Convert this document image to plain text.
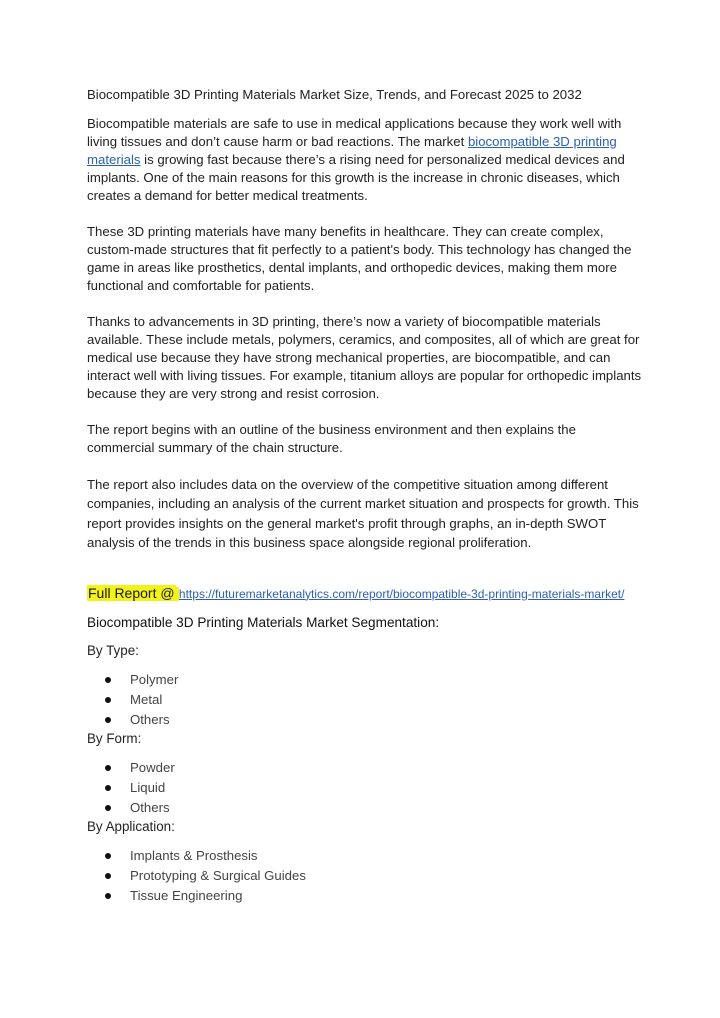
Biocompatible 3D Printing Materials Market Size, Trends, and Forecast 2025 to 2032

Biocompatible materials are safe to use in medical applications because they work well with living tissues and don’t cause harm or bad reactions. The market biocompatible 3D printing materials is growing fast because there’s a rising need for personalized medical devices and implants. One of the main reasons for this growth is the increase in chronic diseases, which creates a demand for better medical treatments.

These 3D printing materials have many benefits in healthcare. They can create complex, custom-made structures that fit perfectly to a patient's body. This technology has changed the game in areas like prosthetics, dental implants, and orthopedic devices, making them more functional and comfortable for patients.

Thanks to advancements in 3D printing, there’s now a variety of biocompatible materials available. These include metals, polymers, ceramics, and composites, all of which are great for medical use because they have strong mechanical properties, are biocompatible, and can interact well with living tissues. For example, titanium alloys are popular for orthopedic implants because they are very strong and resist corrosion.

The report begins with an outline of the business environment and then explains the commercial summary of the chain structure.

The report also includes data on the overview of the competitive situation among different companies, including an analysis of the current market situation and prospects for growth. This report provides insights on the general market's profit through graphs, an in-depth SWOT analysis of the trends in this business space alongside regional proliferation.

Full Report @ https://futuremarketanalytics.com/report/biocompatible-3d-printing-materials-market/

Biocompatible 3D Printing Materials Market Segmentation:

By Type:

Polymer
Metal
Others

By Form:

Powder
Liquid
Others

By Application:

Implants & Prosthesis
Prototyping & Surgical Guides
Tissue Engineering
